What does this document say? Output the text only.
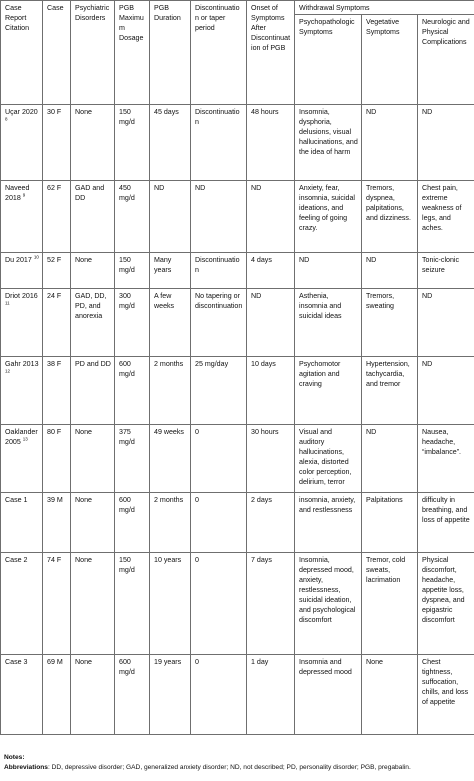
Case Report Citation	Case	Psychiatric Disorders	PGB Maximum Dosage	PGB Duration	Discontinuation or taper period	Onset of Symptoms After Discontinuation of PGB	Withdrawal Symptoms		
							Psychopathologic Symptoms	Vegetative Symptoms	Neurologic and Physical Complications
Uçar 2020 $^8$	30 F	None	150 mg/d	45 days	Discontinuation	48 hours	Insomnia, dysphoria, delusions, visual hallucinations, and the idea of harm	ND	ND
Naveed 2018 $^9$	62 F	GAD and DD	450 mg/d	ND	ND	ND	Anxiety, fear, insomnia, suicidal ideations, and feeling of going crazy.	Tremors, dyspnea, palpitations, and dizziness.	Chest pain, extreme weakness of legs, and aches.
Du 2017 $^{10}$	52 F	None	150 mg/d	Many years	Discontinuation	4 days	ND	ND	Tonic-clonic seizure
Driot 2016 $^{11}$	24 F	GAD, DD, PD, and anorexia	300 mg/d	A few weeks	No tapering or discontinuation	ND	Asthenia, insomnia and suicidal ideas	Tremors, sweating	ND
Gahr 2013 $^{12}$	38 F	PD and DD	600 mg/d	2 months	25 mg/day	10 days	Psychomotor agitation and craving	Hypertension, tachycardia, and tremor	ND
Oaklander 2005 $^{13}$	80 F	None	375 mg/d	49 weeks	0	30 hours	Visual and auditory hallucinations, alexia, distorted color perception, delirium, terror	ND	Nausea, headache, “imbalance”.
Case 1	39 M	None	600 mg/d	2 months	0	2 days	insomnia, anxiety, and restlessness	Palpitations	difficulty in breathing, and loss of appetite
Case 2	74 F	None	150 mg/d	10 years	0	7 days	Insomnia, depressed mood, anxiety, restlessness, suicidal ideation, and psychological discomfort	Tremor, cold sweats, lacrimation	Physical discomfort, headache, appetite loss, dyspnea, and epigastric discomfort
Case 3	69 M	None	600 mg/d	19 years	0	1 day	Insomnia and depressed mood	None	Chest tightness, suffocation, chills, and loss of appetite
Notes:
Abbreviations: DD, depressive disorder; GAD, generalized anxiety disorder; ND, not described; PD, personality disorder; PGB, pregabalin.
